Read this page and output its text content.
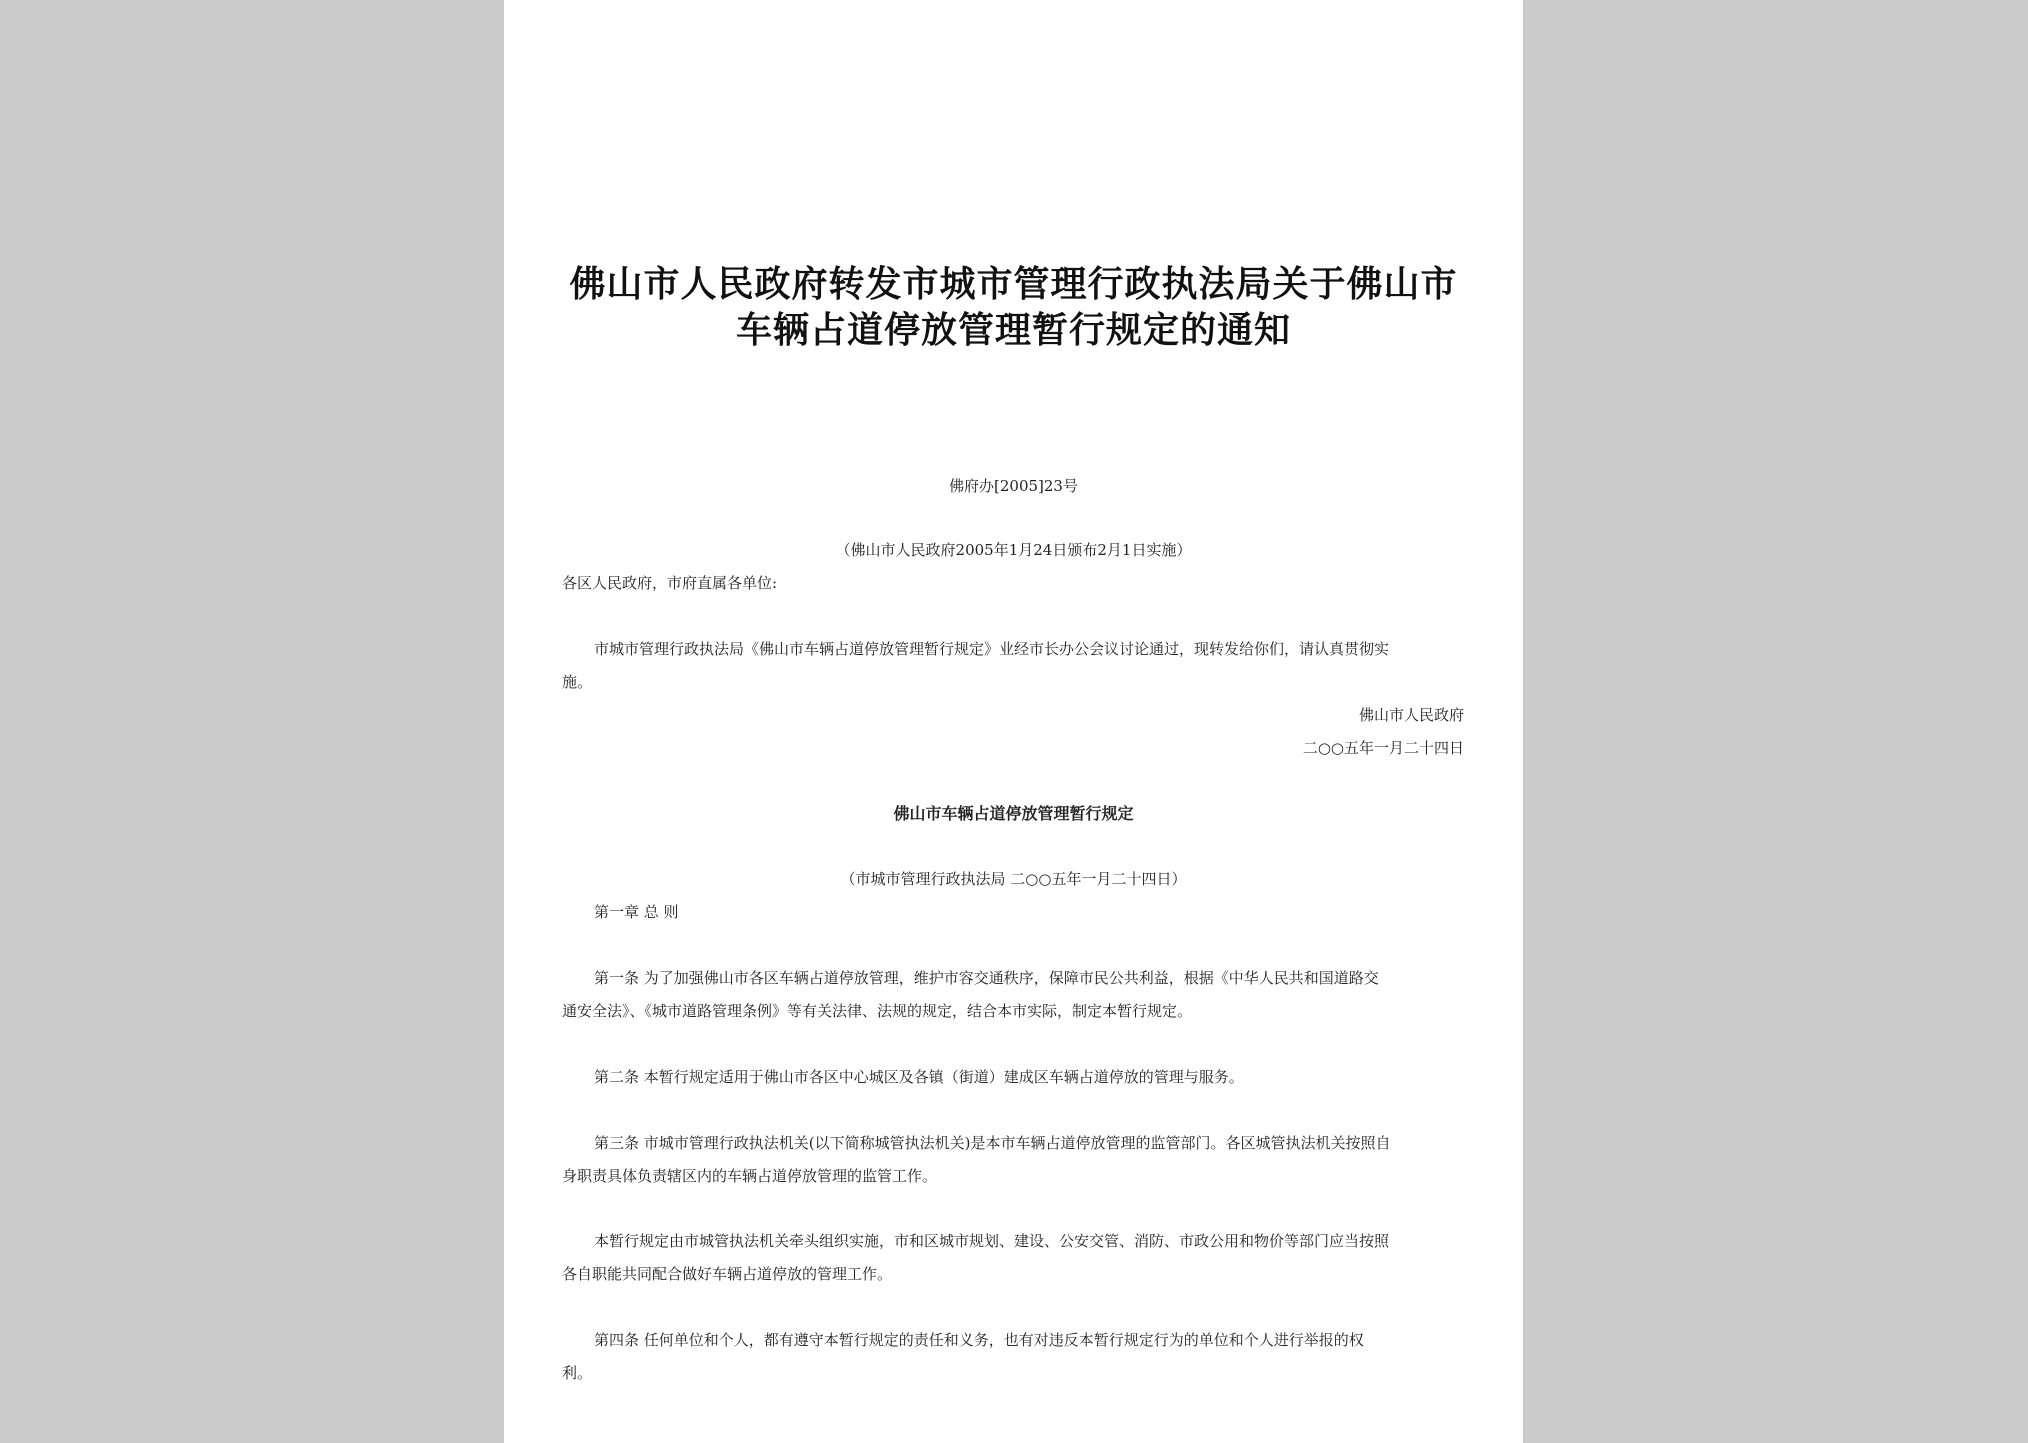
佛山市人民政府转发市城市管理行政执法局关于佛山市
车辆占道停放管理暂行规定的通知
佛府办[2005]23号
（佛山市人民政府2005年1月24日颁布2月1日实施）
各区人民政府，市府直属各单位:
市城市管理行政执法局《佛山市车辆占道停放管理暂行规定》业经市长办公会议讨论通过，现转发给你们，请认真贯彻实
施。
佛山市人民政府
二○○五年一月二十四日
佛山市车辆占道停放管理暂行规定
（市城市管理行政执法局 二○○五年一月二十四日）
第一章 总 则
第一条 为了加强佛山市各区车辆占道停放管理，维护市容交通秩序，保障市民公共利益，根据《中华人民共和国道路交
通安全法》、《城市道路管理条例》等有关法律、法规的规定，结合本市实际，制定本暂行规定。
第二条 本暂行规定适用于佛山市各区中心城区及各镇（街道）建成区车辆占道停放的管理与服务。
第三条 市城市管理行政执法机关(以下简称城管执法机关)是本市车辆占道停放管理的监管部门。各区城管执法机关按照自
身职责具体负责辖区内的车辆占道停放管理的监管工作。
本暂行规定由市城管执法机关牵头组织实施，市和区城市规划、建设、公安交管、消防、市政公用和物价等部门应当按照
各自职能共同配合做好车辆占道停放的管理工作。
第四条 任何单位和个人，都有遵守本暂行规定的责任和义务，也有对违反本暂行规定行为的单位和个人进行举报的权
利。
